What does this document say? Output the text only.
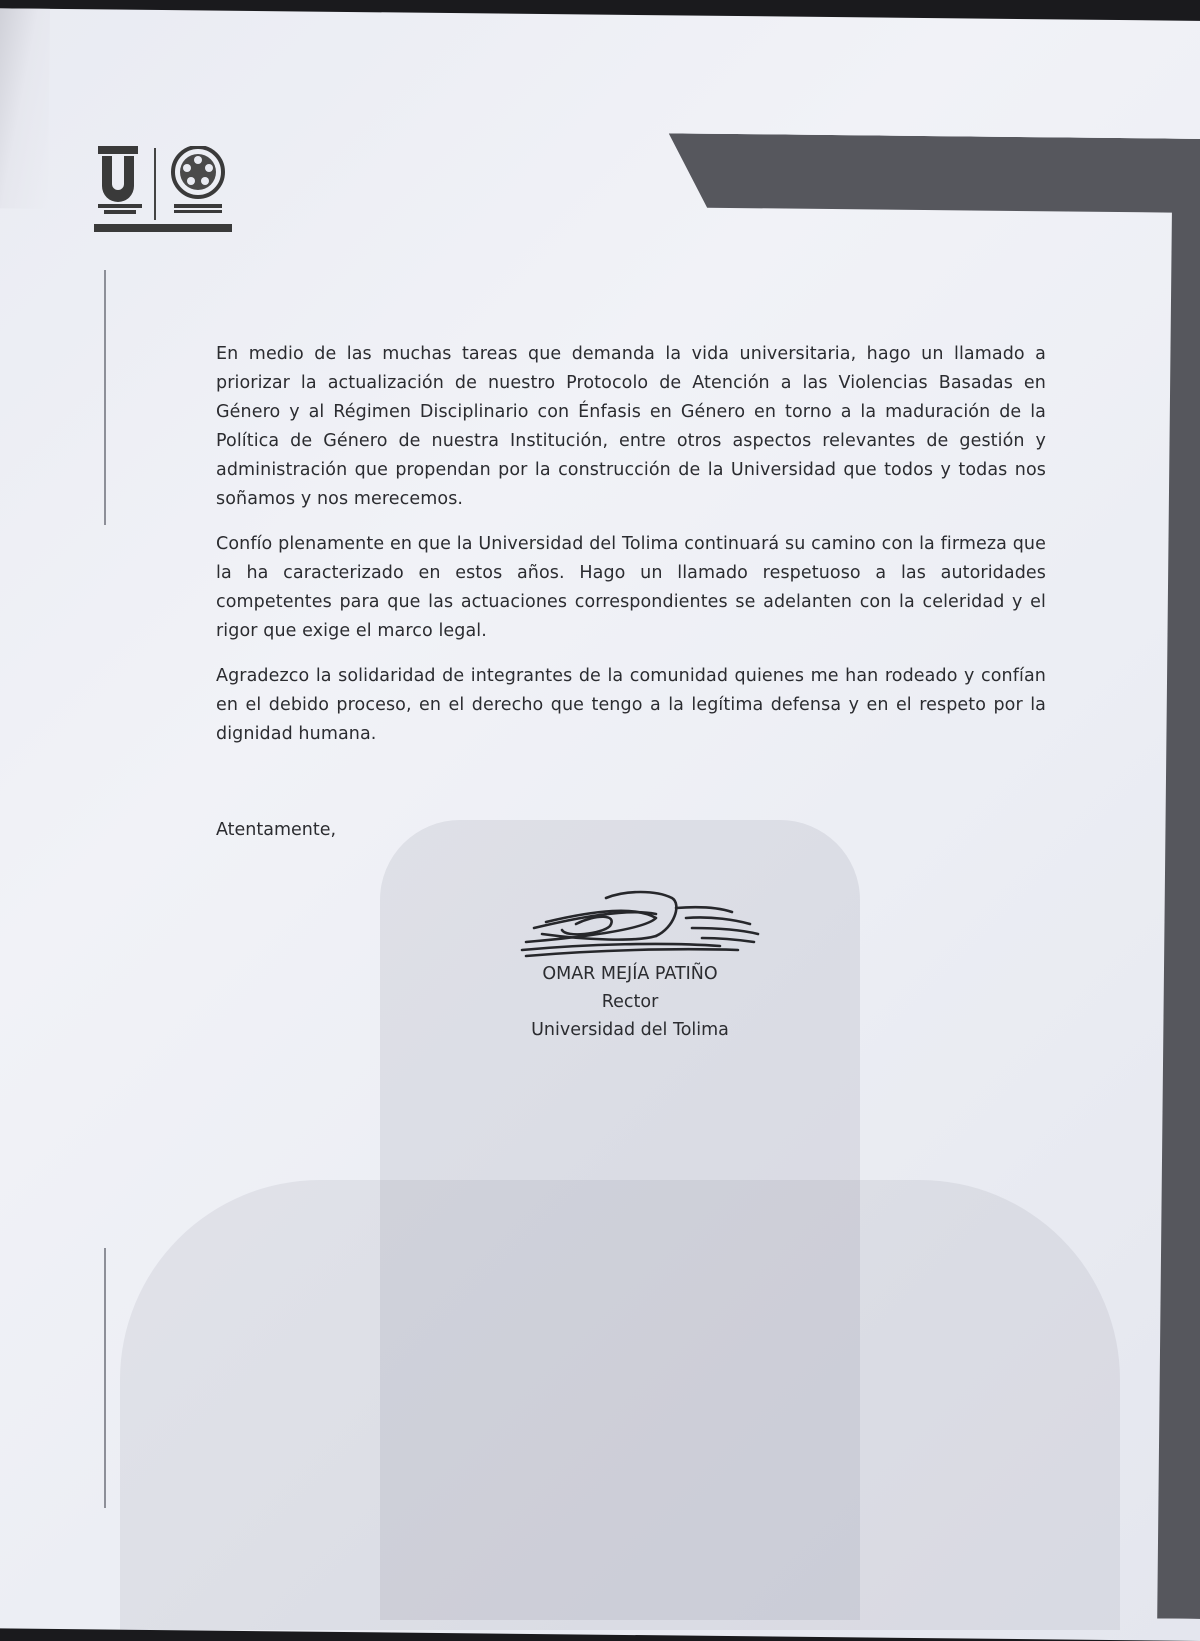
En medio de las muchas tareas que demanda la vida universitaria, hago un llamado a priorizar la actualización de nuestro Protocolo de Atención a las Violencias Basadas en Género y al Régimen Disciplinario con Énfasis en Género en torno a la maduración de la Política de Género de nuestra Institución, entre otros aspectos relevantes de gestión y administración que propendan por la construcción de la Universidad que todos y todas nos soñamos y nos merecemos.

Confío plenamente en que la Universidad del Tolima continuará su camino con la firmeza que la ha caracterizado en estos años. Hago un llamado respetuoso a las autoridades competentes para que las actuaciones correspondientes se adelanten con la celeridad y el rigor que exige el marco legal.

Agradezco la solidaridad de integrantes de la comunidad quienes me han rodeado y confían en el debido proceso, en el derecho que tengo a la legítima defensa y en el respeto por la dignidad humana.

Atentamente,
OMAR MEJÍA PATIÑO
Rector
Universidad del Tolima
